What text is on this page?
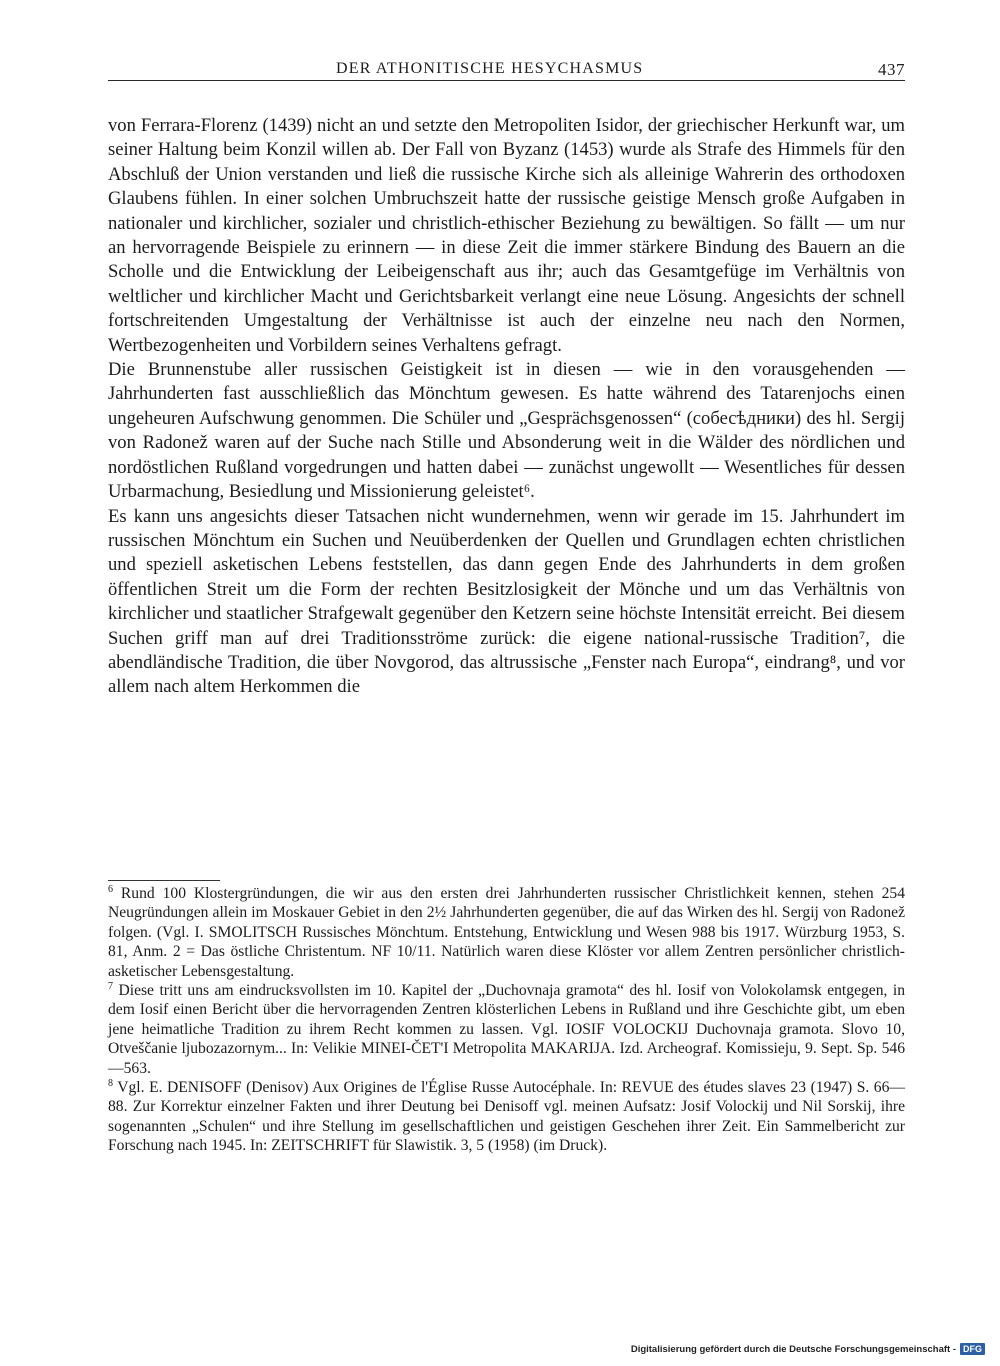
DER ATHONITISCHE HESYCHASMUS	437

von Ferrara-Florenz (1439) nicht an und setzte den Metropoliten Isidor, der griechischer Herkunft war, um seiner Haltung beim Konzil willen ab. Der Fall von Byzanz (1453) wurde als Strafe des Himmels für den Abschluß der Union verstanden und ließ die russische Kirche sich als alleinige Wahrerin des orthodoxen Glaubens fühlen. In einer solchen Umbruchszeit hatte der russische geistige Mensch große Aufgaben in nationaler und kirchlicher, sozialer und christlich-ethischer Beziehung zu bewältigen. So fällt — um nur an hervorragende Beispiele zu erinnern — in diese Zeit die immer stärkere Bindung des Bauern an die Scholle und die Entwicklung der Leibeigenschaft aus ihr; auch das Gesamtgefüge im Verhältnis von weltlicher und kirchlicher Macht und Gerichtsbarkeit verlangt eine neue Lösung. Angesichts der schnell fortschreitenden Umgestaltung der Verhältnisse ist auch der einzelne neu nach den Normen, Wertbezogenheiten und Vorbildern seines Verhaltens gefragt.

Die Brunnenstube aller russischen Geistigkeit ist in diesen — wie in den vorausgehenden — Jahrhunderten fast ausschließlich das Mönchtum gewesen. Es hatte während des Tatarenjochs einen ungeheuren Aufschwung genommen. Die Schüler und „Gesprächsgenossen“ (собесѣдники) des hl. Sergij von Radonež waren auf der Suche nach Stille und Absonderung weit in die Wälder des nördlichen und nordöstlichen Rußland vorgedrungen und hatten dabei — zunächst ungewollt — Wesentliches für dessen Urbarmachung, Besiedlung und Missionierung geleistet⁶.

Es kann uns angesichts dieser Tatsachen nicht wundernehmen, wenn wir gerade im 15. Jahrhundert im russischen Mönchtum ein Suchen und Neuüberdenken der Quellen und Grundlagen echten christlichen und speziell asketischen Lebens feststellen, das dann gegen Ende des Jahrhunderts in dem großen öffentlichen Streit um die Form der rechten Besitzlosigkeit der Mönche und um das Verhältnis von kirchlicher und staatlicher Strafgewalt gegenüber den Ketzern seine höchste Intensität erreicht. Bei diesem Suchen griff man auf drei Traditionsströme zurück: die eigene national-russische Tradition⁷, die abendländische Tradition, die über Novgorod, das altrussische „Fenster nach Europa“, eindrang⁸, und vor allem nach altem Herkommen die

$^6$ Rund 100 Klostergründungen, die wir aus den ersten drei Jahrhunderten russischer Christlichkeit kennen, stehen 254 Neugründungen allein im Moskauer Gebiet in den 2½ Jahrhunderten gegenüber, die auf das Wirken des hl. Sergij von Radonež folgen. (Vgl. I. SMOLITSCH Russisches Mönchtum. Entstehung, Entwicklung und Wesen 988 bis 1917. Würzburg 1953, S. 81, Anm. 2 = Das östliche Christentum. NF 10/11. Natürlich waren diese Klöster vor allem Zentren persönlicher christlich-asketischer Lebensgestaltung.

$^7$ Diese tritt uns am eindrucksvollsten im 10. Kapitel der „Duchovnaja gramota“ des hl. Iosif von Volokolamsk entgegen, in dem Iosif einen Bericht über die hervorragenden Zentren klösterlichen Lebens in Rußland und ihre Geschichte gibt, um eben jene heimatliche Tradition zu ihrem Recht kommen zu lassen. Vgl. IOSIF VOLOCKIJ Duchovnaja gramota. Slovo 10, Otveščanie ljubozazornym... In: Velikie MINEI-ČET'I Metropolita MAKARIJA. Izd. Archeograf. Komissieju, 9. Sept. Sp. 546—563.

$^8$ Vgl. E. DENISOFF (Denisov) Aux Origines de l'Église Russe Autocéphale. In: REVUE des études slaves 23 (1947) S. 66—88. Zur Korrektur einzelner Fakten und ihrer Deutung bei Denisoff vgl. meinen Aufsatz: Josif Volockij und Nil Sorskij, ihre sogenannten „Schulen“ und ihre Stellung im gesellschaftlichen und geistigen Geschehen ihrer Zeit. Ein Sammelbericht zur Forschung nach 1945. In: ZEITSCHRIFT für Slawistik. 3, 5 (1958) (im Druck).

Digitalisierung gefördert durch die Deutsche Forschungsgemeinschaft - DFG
